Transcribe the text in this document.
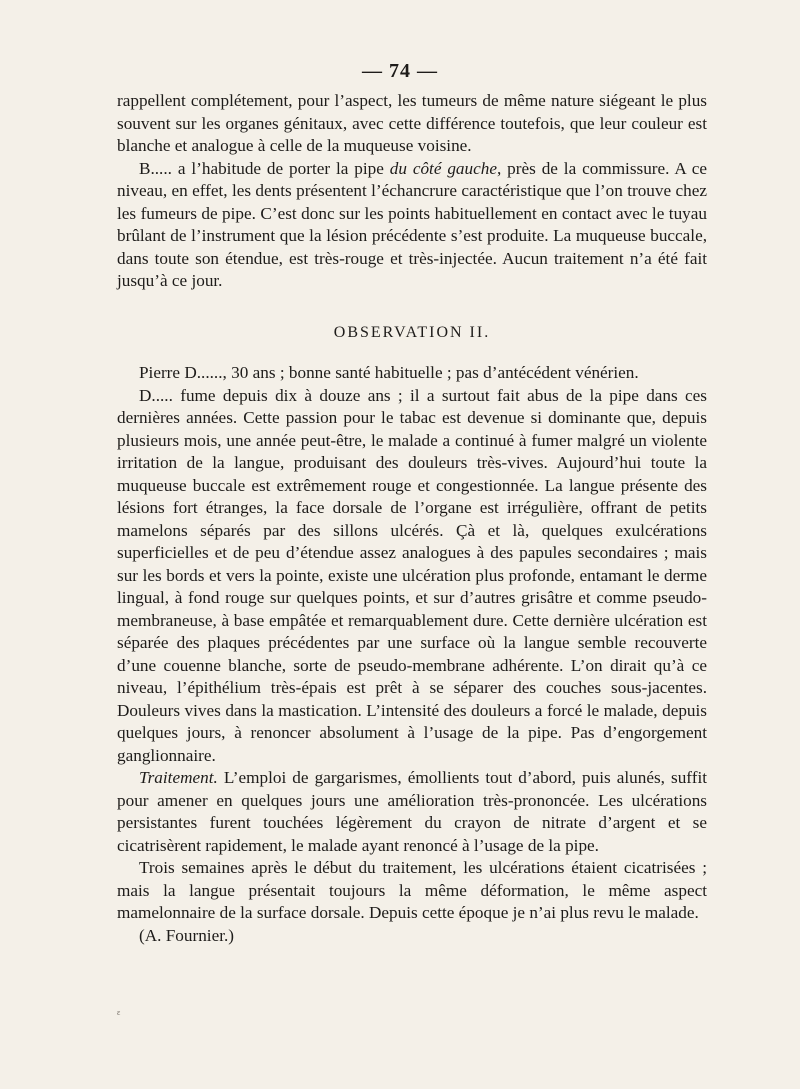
— 74 —

rappellent complétement, pour l’aspect, les tumeurs de même nature siégeant le plus souvent sur les organes génitaux, avec cette différence toutefois, que leur couleur est blanche et analogue à celle de la muqueuse voisine.

B..... a l’habitude de porter la pipe du côté gauche, près de la commissure. A ce niveau, en effet, les dents présentent l’échancrure caractéristique que l’on trouve chez les fumeurs de pipe. C’est donc sur les points habituellement en contact avec le tuyau brûlant de l’instrument que la lésion précédente s’est produite. La muqueuse buccale, dans toute son étendue, est très-rouge et très-injectée. Aucun traitement n’a été fait jusqu’à ce jour.

OBSERVATION II.

Pierre D......, 30 ans ; bonne santé habituelle ; pas d’antécédent vénérien.

D..... fume depuis dix à douze ans ; il a surtout fait abus de la pipe dans ces dernières années. Cette passion pour le tabac est devenue si dominante que, depuis plusieurs mois, une année peut-être, le malade a continué à fumer malgré un violente irritation de la langue, produisant des douleurs très-vives. Aujourd’hui toute la muqueuse buccale est extrêmement rouge et congestionnée. La langue présente des lésions fort étranges, la face dorsale de l’organe est irrégulière, offrant de petits mamelons séparés par des sillons ulcérés. Çà et là, quelques exulcérations superficielles et de peu d’étendue assez analogues à des papules secondaires ; mais sur les bords et vers la pointe, existe une ulcération plus profonde, entamant le derme lingual, à fond rouge sur quelques points, et sur d’autres grisâtre et comme pseudo-membraneuse, à base empâtée et remarquablement dure. Cette dernière ulcération est séparée des plaques précédentes par une surface où la langue semble recouverte d’une couenne blanche, sorte de pseudo-membrane adhérente. L’on dirait qu’à ce niveau, l’épithélium très-épais est prêt à se séparer des couches sous-jacentes. Douleurs vives dans la mastication. L’intensité des douleurs a forcé le malade, depuis quelques jours, à renoncer absolument à l’usage de la pipe. Pas d’engorgement ganglionnaire.

Traitement. L’emploi de gargarismes, émollients tout d’abord, puis alunés, suffit pour amener en quelques jours une amélioration très-prononcée. Les ulcérations persistantes furent touchées légèrement du crayon de nitrate d’argent et se cicatrisèrent rapidement, le malade ayant renoncé à l’usage de la pipe.

Trois semaines après le début du traitement, les ulcérations étaient cicatrisées ; mais la langue présentait toujours la même déformation, le même aspect mamelonnaire de la surface dorsale. Depuis cette époque je n’ai plus revu le malade.

(A. Fournier.)

ɛ
